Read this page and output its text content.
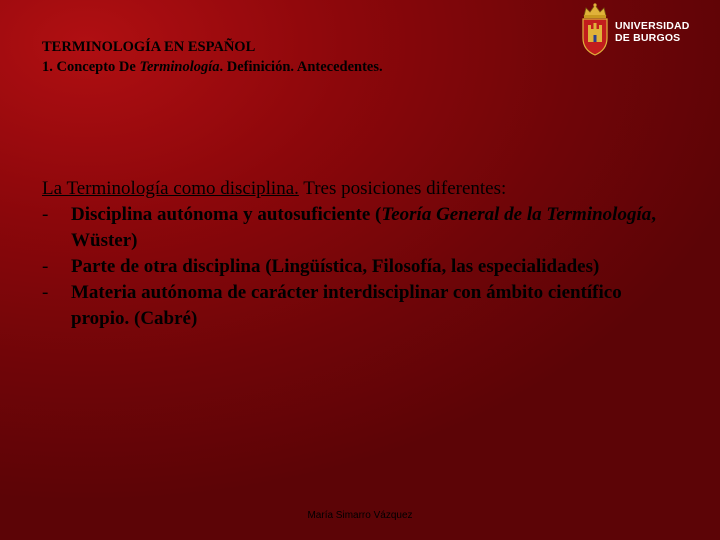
TERMINOLOGÍA EN ESPAÑOL
1. Concepto De Terminología. Definición. Antecedentes.
UNIVERSIDAD
DE BURGOS
La Terminología como disciplina. Tres posiciones diferentes:
-	Disciplina autónoma y autosuficiente (Teoría General de la Terminología, Wüster)
-	Parte de otra disciplina (Lingüística, Filosofía, las especialidades)
-	Materia autónoma de carácter interdisciplinar con ámbito científico propio. (Cabré)
María Simarro Vázquez
